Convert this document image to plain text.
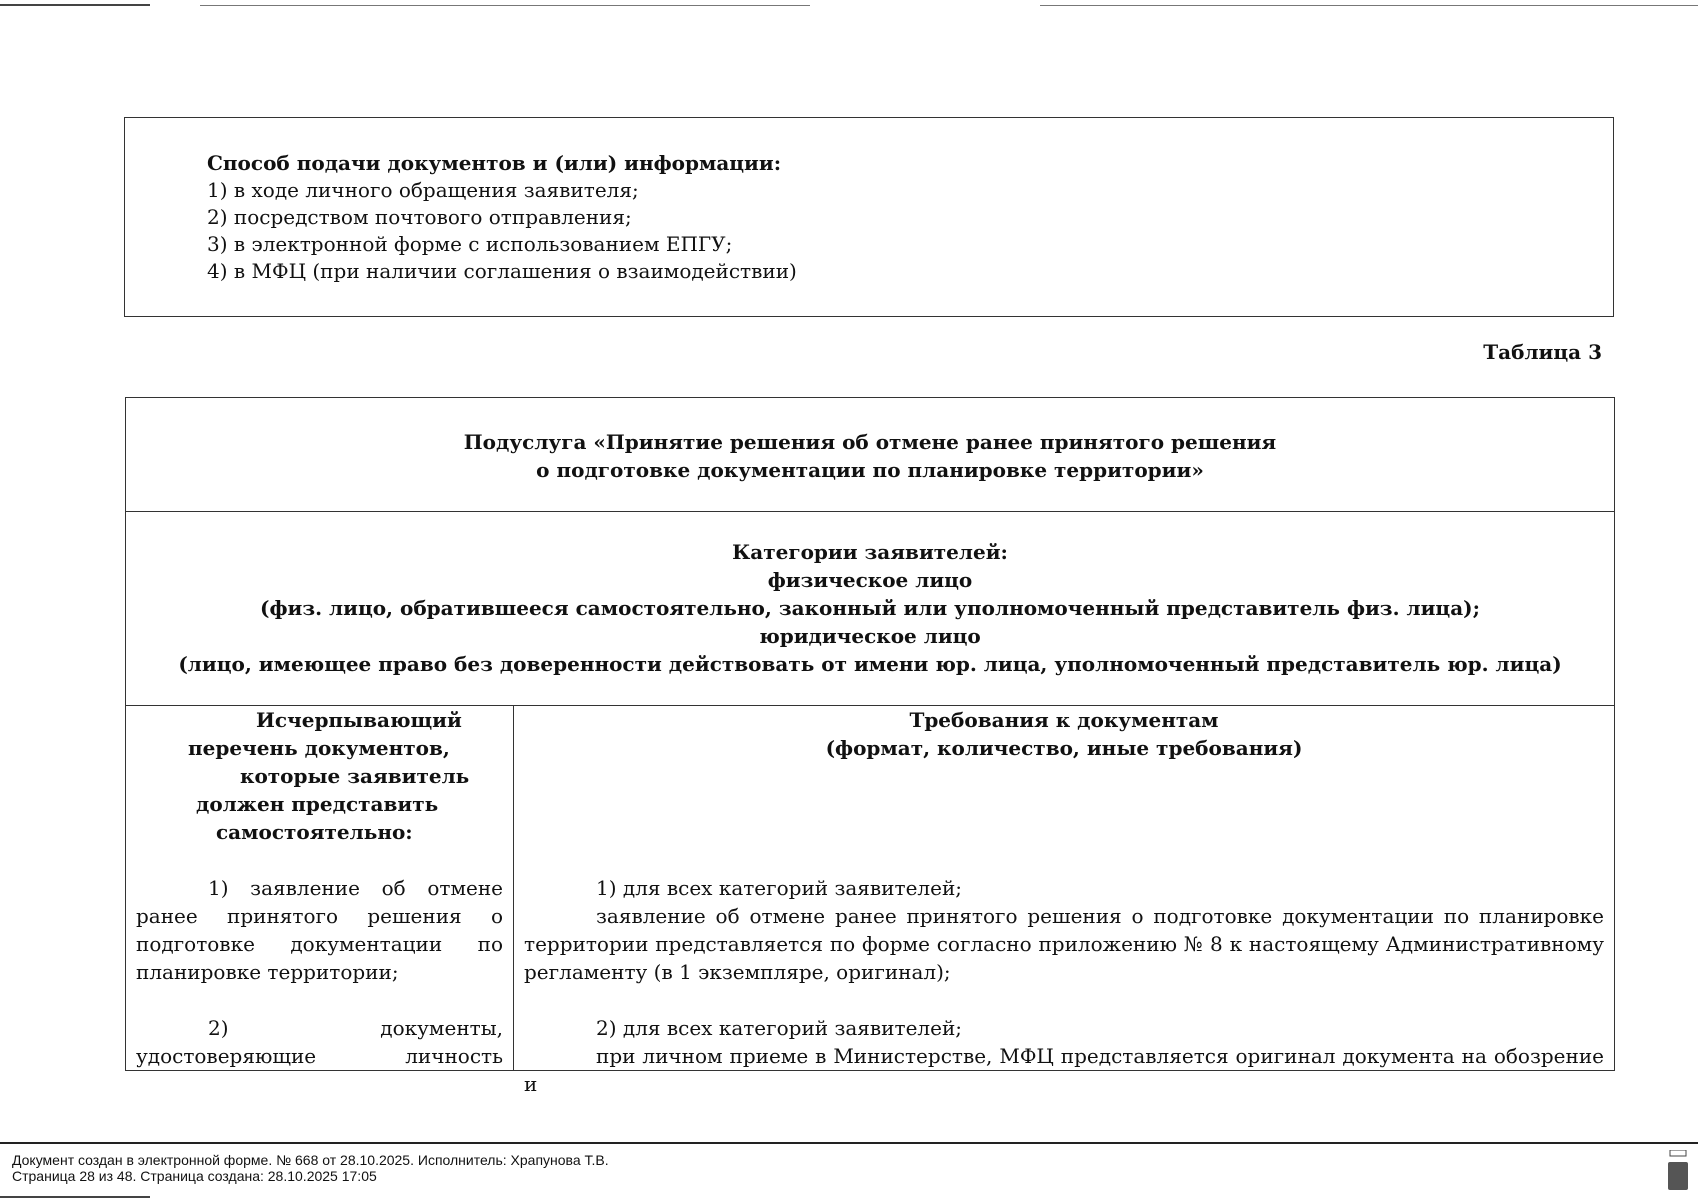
Способ подачи документов и (или) информации:
1) в ходе личного обращения заявителя;
2) посредством почтового отправления;
3) в электронной форме с использованием ЕПГУ;
4) в МФЦ (при наличии соглашения о взаимодействии)
Таблица 3
Подуслуга «Принятие решения об отмене ранее принятого решения
о подготовке документации по планировке территории»
Категории заявителей:
физическое лицо
(физ. лицо, обратившееся самостоятельно, законный или уполномоченный представитель физ. лица);
юридическое лицо
(лицо, имеющее право без доверенности действовать от имени юр. лица, уполномоченный представитель юр. лица)
Исчерпывающий
перечень документов,
которые заявитель
должен представить
самостоятельно:
1) заявление об отмене ранее принятого решения о подготовке документации по планировке территории;
2) документы, удостоверяющие личность
Требования к документам
(формат, количество, иные требования)
1) для всех категорий заявителей;
заявление об отмене ранее принятого решения о подготовке документации по планировке территории представляется по форме согласно приложению № 8 к настоящему Административному регламенту (в 1 экземпляре, оригинал);
2) для всех категорий заявителей;
при личном приеме в Министерстве, МФЦ представляется оригинал документа на обозрение и
Документ создан в электронной форме. № 668 от 28.10.2025. Исполнитель: Храпунова Т.В.
Страница 28 из 48. Страница создана: 28.10.2025 17:05
